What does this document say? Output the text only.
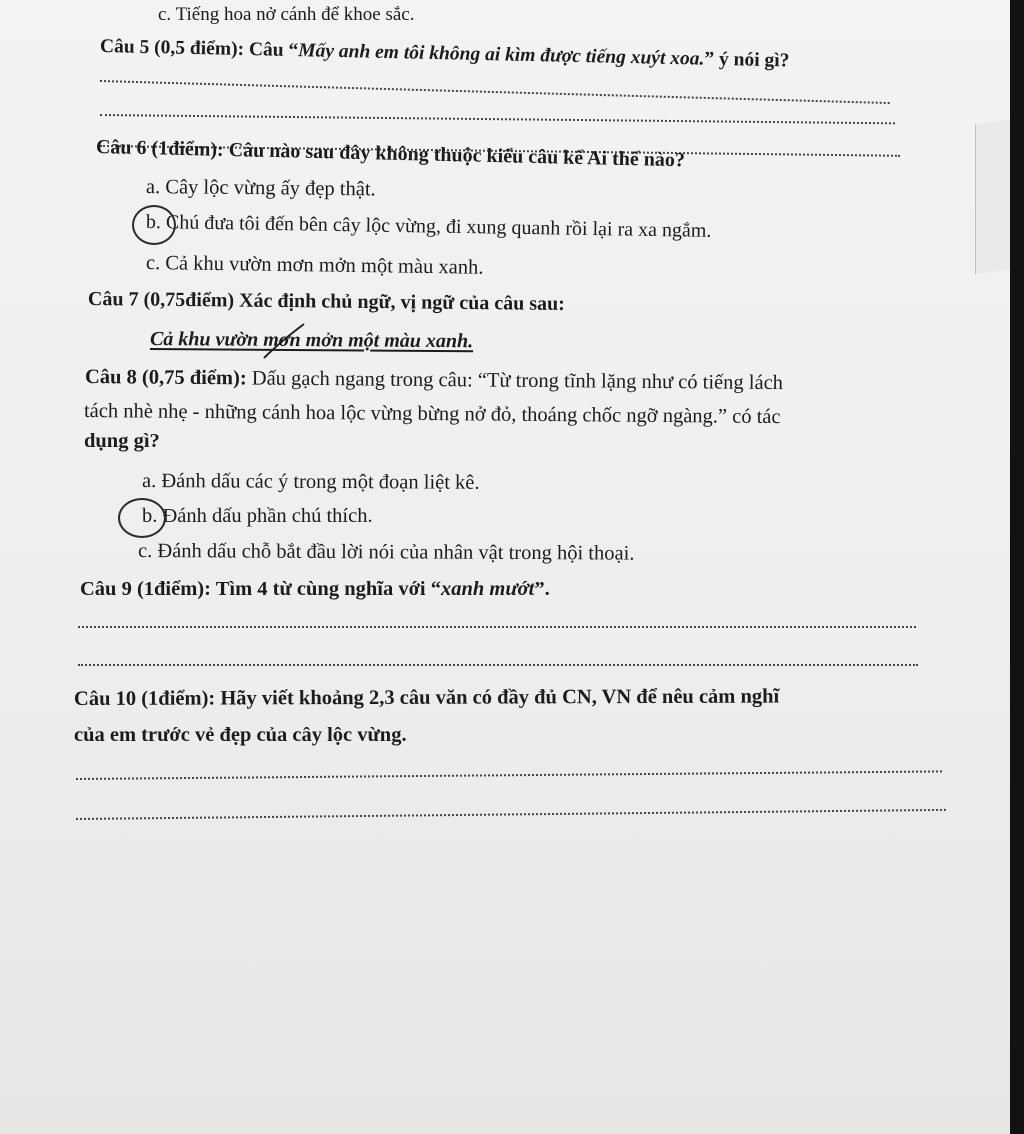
c. Tiếng hoa nở cánh để khoe sắc.
Câu 5 (0,5 điểm): Câu “Mấy anh em tôi không ai kìm được tiếng xuýt xoa.” ý nói gì?
Câu 6 (1điểm): Câu nào sau đây không thuộc kiểu câu kể Ai thế nào?
a. Cây lộc vừng ấy đẹp thật.
b. Chú đưa tôi đến bên cây lộc vừng, đi xung quanh rồi lại ra xa ngắm.
c. Cả khu vườn mơn mởn một màu xanh.
Câu 7 (0,75điểm) Xác định chủ ngữ, vị ngữ của câu sau:
Cả khu vườn mơn mởn một màu xanh.
Câu 8 (0,75 điểm): Dấu gạch ngang trong câu: “Từ trong tĩnh lặng như có tiếng lách
tách nhè nhẹ - những cánh hoa lộc vừng bừng nở đỏ, thoáng chốc ngỡ ngàng.” có tác
dụng gì?
a. Đánh dấu các ý trong một đoạn liệt kê.
b. Đánh dấu phần chú thích.
c. Đánh dấu chỗ bắt đầu lời nói của nhân vật trong hội thoại.
Câu 9 (1điểm): Tìm 4 từ cùng nghĩa với “xanh mướt”.
Câu 10 (1điểm): Hãy viết khoảng 2,3 câu văn có đầy đủ CN, VN để nêu cảm nghĩ
của em trước vẻ đẹp của cây lộc vừng.
